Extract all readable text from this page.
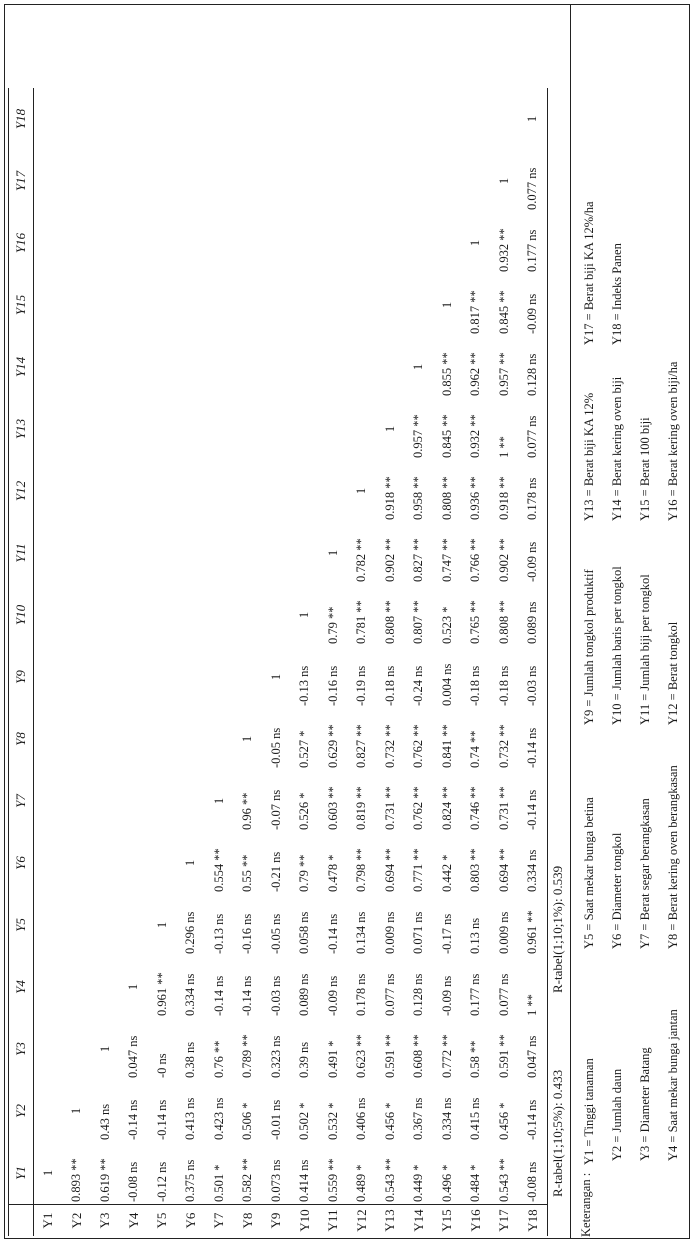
	Y1	Y2	Y3	Y4	Y5	Y6	Y7	Y8	Y9	Y10	Y11	Y12	Y13	Y14	Y15	Y16	Y17	Y18
Y1	1																	
Y2	0.893 **	1																
Y3	0.619 **	0.43 ns	1															
Y4	-0.08 ns	-0.14 ns	0.047 ns	1														
Y5	-0.12 ns	-0.14 ns	-0 ns	0.961 **	1													
Y6	0.375 ns	0.413 ns	0.38 ns	0.334 ns	0.296 ns	1												
Y7	0.501 *	0.423 ns	0.76 **	-0.14 ns	-0.13 ns	0.554 **	1											
Y8	0.582 **	0.506 *	0.789 **	-0.14 ns	-0.16 ns	0.55 **	0.96 **	1										
Y9	0.073 ns	-0.01 ns	0.323 ns	-0.03 ns	-0.05 ns	-0.21 ns	-0.07 ns	-0.05 ns	1									
Y10	0.414 ns	0.502 *	0.39 ns	0.089 ns	0.058 ns	0.79 **	0.526 *	0.527 *	-0.13 ns	1								
Y11	0.559 **	0.532 *	0.491 *	-0.09 ns	-0.14 ns	0.478 *	0.603 **	0.629 **	-0.16 ns	0.79 **	1							
Y12	0.489 *	0.406 ns	0.623 **	0.178 ns	0.134 ns	0.798 **	0.819 **	0.827 **	-0.19 ns	0.781 **	0.782 **	1						
Y13	0.543 **	0.456 *	0.591 **	0.077 ns	0.009 ns	0.694 **	0.731 **	0.732 **	-0.18 ns	0.808 **	0.902 **	0.918 **	1					
Y14	0.449 *	0.367 ns	0.608 **	0.128 ns	0.071 ns	0.771 **	0.762 **	0.762 **	-0.24 ns	0.807 **	0.827 **	0.958 **	0.957 **	1				
Y15	0.496 *	0.334 ns	0.772 **	-0.09 ns	-0.17 ns	0.442 *	0.824 **	0.841 **	0.004 ns	0.523 *	0.747 **	0.808 **	0.845 **	0.855 **	1			
Y16	0.484 *	0.415 ns	0.58 **	0.177 ns	0.13 ns	0.803 **	0.746 **	0.74 **	-0.18 ns	0.765 **	0.766 **	0.936 **	0.932 **	0.962 **	0.817 **	1		
Y17	0.543 **	0.456 *	0.591 **	0.077 ns	0.009 ns	0.694 **	0.731 **	0.732 **	-0.18 ns	0.808 **	0.902 **	0.918 **	1 **	0.957 **	0.845 **	0.932 **	1	
Y18	-0.08 ns	-0.14 ns	0.047 ns	1 **	0.961 **	0.334 ns	-0.14 ns	-0.14 ns	-0.03 ns	0.089 ns	-0.09 ns	0.178 ns	0.077 ns	0.128 ns	-0.09 ns	0.177 ns	0.077 ns	1
R-tabel(1;10;5%): 0.433
R-tabel(1;10;1%): 0.539
Keterangan :
Y1 = Tinggi tanaman	Y2 = Jumlah daun	Y3 = Diameter Batang	Y4 = Saat mekar bunga jantan
Y5 = Saat mekar bunga betina	Y6 = Diameter tongkol	Y7 = Berat segar berangkasan	Y8 = Berat kering oven berangkasan
Y9 = Jumlah tongkol produktif	Y10 = Jumlah baris per tongkol	Y11 = Jumlah biji per tongkol	Y12 = Berat tongkol
Y13 = Berat biji KA 12%	Y14 = Berat kering oven biji	Y15 = Berat 100 biji	Y16 = Berat kering oven biji/ha
Y17 = Berat biji KA 12%/ha	Y18 = Indeks Panen
